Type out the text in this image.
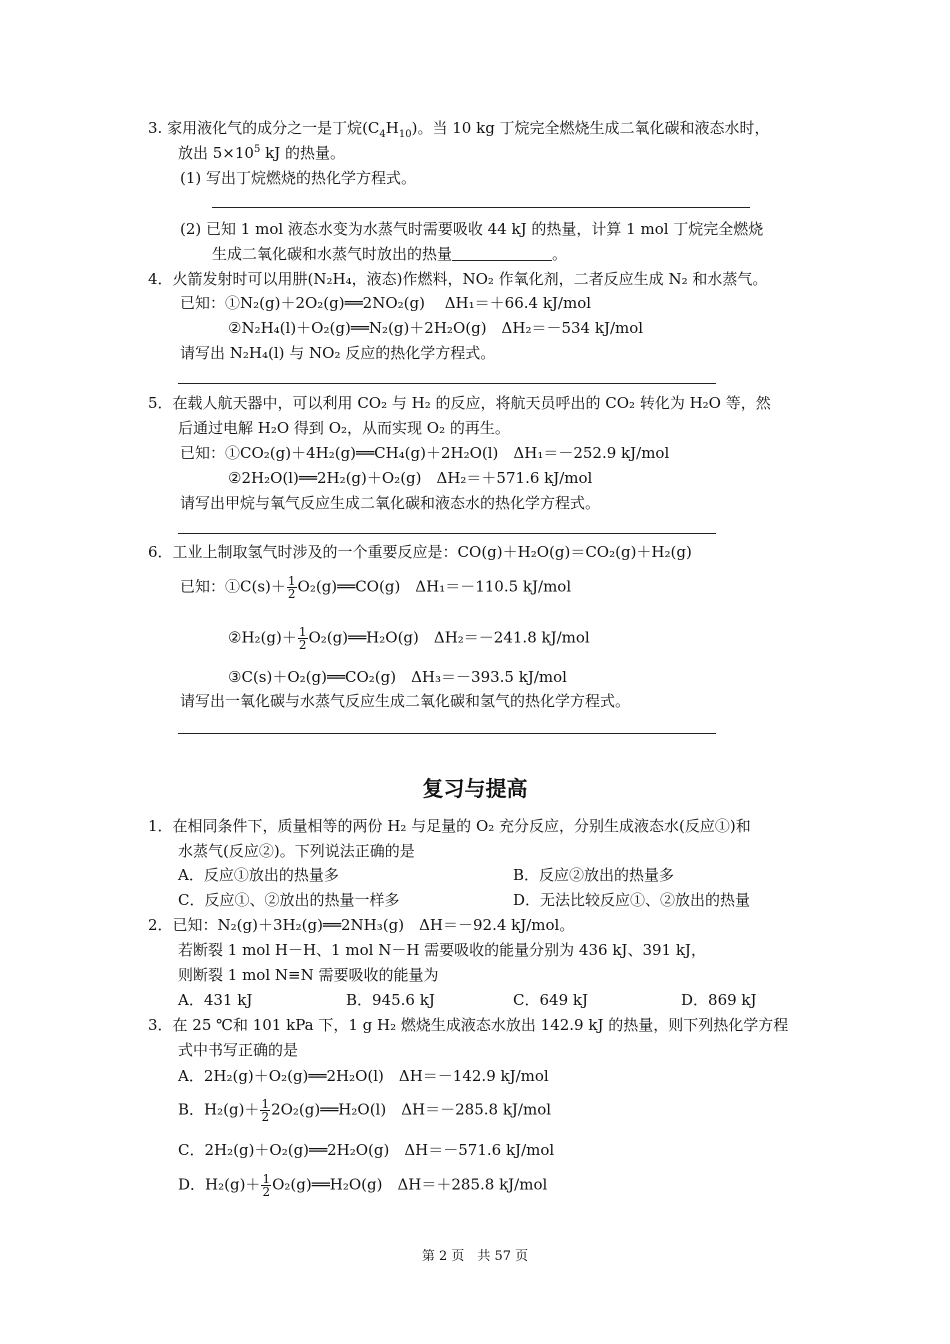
3. 家用液化气的成分之一是丁烷$(C_4H_{10})$。当 10 kg 丁烷完全燃烧生成二氧化碳和液态水时，
放出 $5\times 10^5$ kJ 的热量。
(1) 写出丁烷燃烧的热化学方程式。
(2) 已知 1 mol 液态水变为水蒸气时需要吸收 44 kJ 的热量，计算 1 mol 丁烷完全燃烧
生成二氧化碳和水蒸气时放出的热量	。
4．火箭发射时可以用肼(N₂H₄，液态)作燃料，NO₂ 作氧化剂，二者反应生成 N₂ 和水蒸气。
已知：①N₂(g)＋2O₂(g)══2NO₂(g)　 ΔH₁＝＋66.4 kJ/mol
②N₂H₄(l)＋O₂(g)══N₂(g)＋2H₂O(g)　ΔH₂＝－534 kJ/mol
请写出 N₂H₄(l) 与 NO₂ 反应的热化学方程式。
5．在载人航天器中，可以利用 CO₂ 与 H₂ 的反应，将航天员呼出的 CO₂ 转化为 H₂O 等，然
后通过电解 H₂O 得到 O₂，从而实现 O₂ 的再生。
已知：①CO₂(g)＋4H₂(g)══CH₄(g)＋2H₂O(l)　ΔH₁＝－252.9 kJ/mol
②2H₂O(l)══2H₂(g)＋O₂(g)　ΔH₂＝＋571.6 kJ/mol
请写出甲烷与氧气反应生成二氧化碳和液态水的热化学方程式。
6．工业上制取氢气时涉及的一个重要反应是：CO(g)＋H₂O(g)＝CO₂(g)＋H₂(g)
已知：①C(s)＋ $\frac{1}{2}$ O₂(g)══CO(g)　ΔH₁＝－110.5 kJ/mol
②H₂(g)＋ $\frac{1}{2}$ O₂(g)══H₂O(g)　ΔH₂＝－241.8 kJ/mol
③C(s)＋O₂(g)══CO₂(g)　ΔH₃＝－393.5 kJ/mol
请写出一氧化碳与水蒸气反应生成二氧化碳和氢气的热化学方程式。
复习与提高
1．在相同条件下，质量相等的两份 H₂ 与足量的 O₂ 充分反应，分别生成液态水(反应①)和
水蒸气(反应②)。下列说法正确的是
A．反应①放出的热量多	B．反应②放出的热量多
C．反应①、②放出的热量一样多	D．无法比较反应①、②放出的热量
2．已知：N₂(g)＋3H₂(g)══2NH₃(g)　ΔH＝－92.4 kJ/mol。
若断裂 1 mol H－H、1 mol N－H 需要吸收的能量分别为 436 kJ、391 kJ，
则断裂 1 mol N≡N 需要吸收的能量为
A．431 kJ	B．945.6 kJ	C．649 kJ	D．869 kJ
3．在 25 ℃和 101 kPa 下，1 g H₂ 燃烧生成液态水放出 142.9 kJ 的热量，则下列热化学方程
式中书写正确的是
A．2H₂(g)＋O₂(g)══2H₂O(l)　ΔH＝－142.9 kJ/mol
B．$H_2(g)+ \frac{1}{2}$ 2O₂(g)══H₂O(l)　ΔH＝－285.8 kJ/mol
C．2H₂(g)＋O₂(g)══2H₂O(g)　ΔH＝－571.6 kJ/mol
D．$H_2(g)+ \frac{1}{2}$ O₂(g)══H₂O(g)　ΔH＝＋285.8 kJ/mol
第 2 页　共 57 页
